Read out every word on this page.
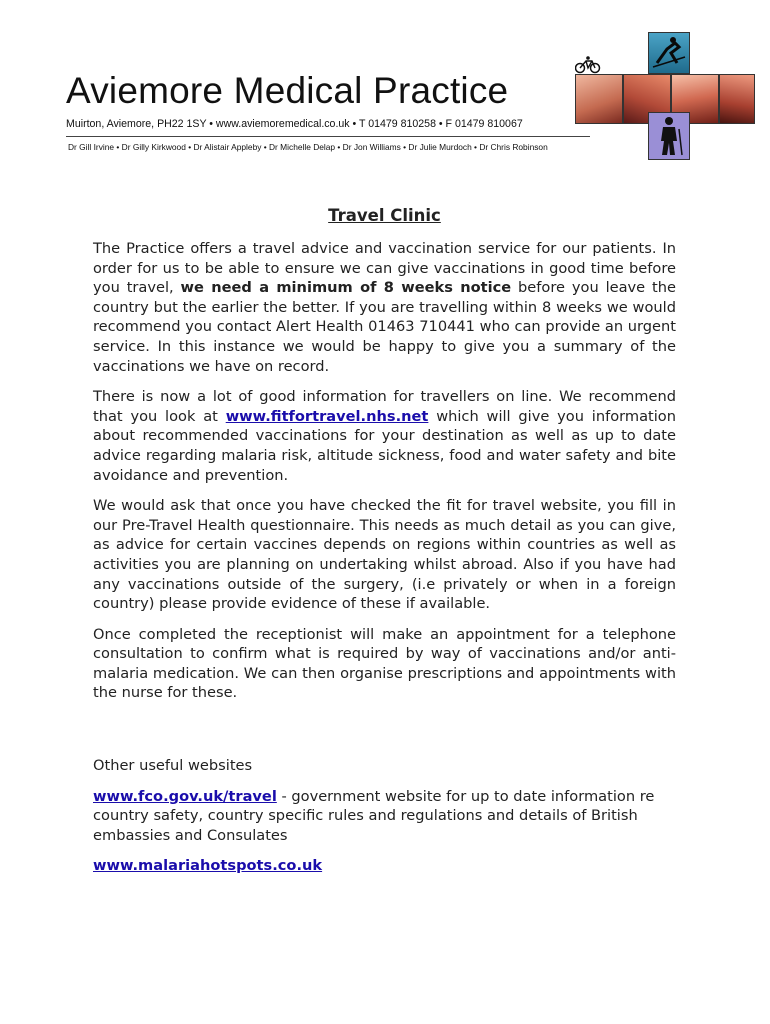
Aviemore Medical Practice
Muirton, Aviemore, PH22 1SY • www.aviemoremedical.co.uk • T 01479 810258 • F 01479 810067
Dr Gill Irvine • Dr Gilly Kirkwood • Dr Alistair Appleby • Dr Michelle Delap • Dr Jon Williams • Dr Julie Murdoch • Dr Chris Robinson
Travel Clinic

The Practice offers a travel advice and vaccination service for our patients. In order for us to be able to ensure we can give vaccinations in good time before you travel, we need a minimum of 8 weeks notice before you leave the country but the earlier the better. If you are travelling within 8 weeks we would recommend you contact Alert Health 01463 710441 who can provide an urgent service. In this instance we would be happy to give you a summary of the vaccinations we have on record.

There is now a lot of good information for travellers on line. We recommend that you look at www.fitfortravel.nhs.net which will give you information about recommended vaccinations for your destination as well as up to date advice regarding malaria risk, altitude sickness, food and water safety and bite avoidance and prevention.

We would ask that once you have checked the fit for travel website, you fill in our Pre-Travel Health questionnaire. This needs as much detail as you can give, as advice for certain vaccines depends on regions within countries as well as activities you are planning on undertaking whilst abroad. Also if you have had any vaccinations outside of the surgery, (i.e privately or when in a foreign country) please provide evidence of these if available.

Once completed the receptionist will make an appointment for a telephone consultation to confirm what is required by way of vaccinations and/or anti-malaria medication. We can then organise prescriptions and appointments with the nurse for these.

Other useful websites

www.fco.gov.uk/travel - government website for up to date information re country safety, country specific rules and regulations and details of British embassies and Consulates

www.malariahotspots.co.uk
